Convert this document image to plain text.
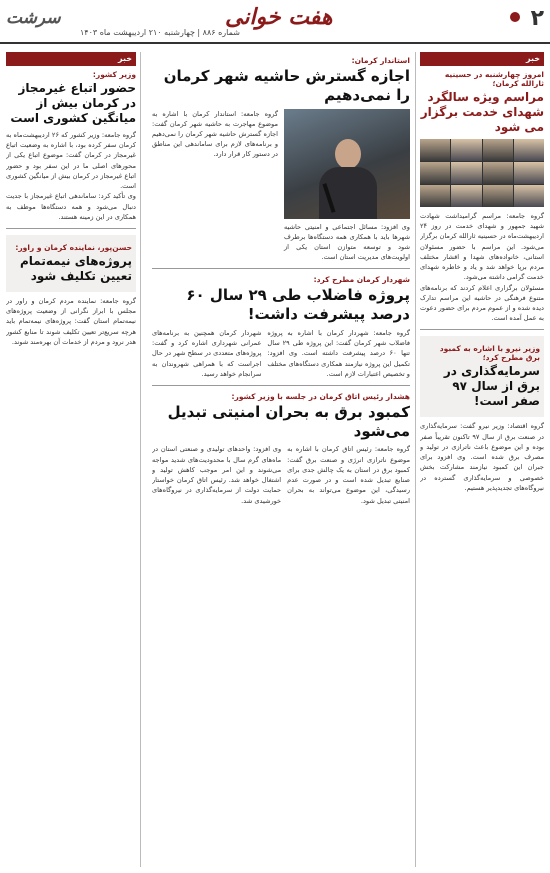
۲
هفت خوانی
سرشت
شماره ۸۸۶ | چهارشنبه ۲۱۰ اردیبهشت ماه ۱۴۰۳
خبر
امروز چهارشنبه در حسینیه ثارالله کرمان؛
مراسم ویژه سالگرد شهدای خدمت برگزار می شود

گروه جامعه: مراسم گرامیداشت شهادت شهید جمهور و شهدای خدمت در روز ۲۴ اردیبهشت‌ماه در حسینیه ثارالله کرمان برگزار می‌شود. این مراسم با حضور مسئولان استانی، خانواده‌های شهدا و اقشار مختلف مردم برپا خواهد شد و یاد و خاطره شهدای خدمت گرامی داشته می‌شود.

مسئولان برگزاری اعلام کردند که برنامه‌های متنوع فرهنگی در حاشیه این مراسم تدارک دیده شده و از عموم مردم برای حضور دعوت به عمل آمده است.

وزیر نیرو با اشاره به کمبود برق مطرح کرد؛
سرمایه‌گذاری در برق از سال ۹۷ صفر است!

گروه اقتصاد: وزیر نیرو گفت: سرمایه‌گذاری در صنعت برق از سال ۹۷ تاکنون تقریباً صفر بوده و این موضوع باعث ناترازی در تولید و مصرف برق شده است. وی افزود برای جبران این کمبود نیازمند مشارکت بخش خصوصی و سرمایه‌گذاری گسترده در نیروگاه‌های تجدیدپذیر هستیم.

استاندار کرمان:
اجازه گسترش حاشیه شهر کرمان را نمی‌دهیم

وی افزود: مسائل اجتماعی و امنیتی حاشیه شهرها باید با همکاری همه دستگاه‌ها برطرف شود و توسعه متوازن استان یکی از اولویت‌های مدیریت استان است.

گروه جامعه: استاندار کرمان با اشاره به موضوع مهاجرت به حاشیه شهر کرمان گفت: اجازه گسترش حاشیه شهر کرمان را نمی‌دهیم و برنامه‌های لازم برای ساماندهی این مناطق در دستور کار قرار دارد.

شهردار کرمان مطرح کرد:
پروژه فاضلاب طی ۲۹ سال ۶۰ درصد پیشرفت داشت!

گروه جامعه: شهردار کرمان با اشاره به پروژه فاضلاب شهر کرمان گفت: این پروژه طی ۲۹ سال تنها ۶۰ درصد پیشرفت داشته است. وی افزود: تکمیل این پروژه نیازمند همکاری دستگاه‌های مختلف و تخصیص اعتبارات لازم است.

شهردار کرمان همچنین به برنامه‌های عمرانی شهرداری اشاره کرد و گفت: پروژه‌های متعددی در سطح شهر در حال اجراست که با همراهی شهروندان به سرانجام خواهد رسید.

هشدار رئیس اتاق کرمان در جلسه با وزیر کشور:
کمبود برق به بحران امنیتی تبدیل می‌شود

گروه جامعه: رئیس اتاق کرمان با اشاره به موضوع ناترازی انرژی و صنعت برق گفت: کمبود برق در استان به یک چالش جدی برای صنایع تبدیل شده است و در صورت عدم رسیدگی، این موضوع می‌تواند به بحران امنیتی تبدیل شود.

وی افزود: واحدهای تولیدی و صنعتی استان در ماه‌های گرم سال با محدودیت‌های شدید مواجه می‌شوند و این امر موجب کاهش تولید و اشتغال خواهد شد. رئیس اتاق کرمان خواستار حمایت دولت از سرمایه‌گذاری در نیروگاه‌های خورشیدی شد.

خبر
وزیر کشور:
حضور اتباع غیرمجاز در کرمان بیش از میانگین کشوری است

گروه جامعه: وزیر کشور که ۲۶ اردیبهشت‌ماه به کرمان سفر کرده بود، با اشاره به وضعیت اتباع غیرمجاز در کرمان گفت: موضوع اتباع یکی از محورهای اصلی ما در این سفر بود و حضور اتباع غیرمجاز در کرمان بیش از میانگین کشوری است.

وی تأکید کرد: ساماندهی اتباع غیرمجاز با جدیت دنبال می‌شود و همه دستگاه‌ها موظف به همکاری در این زمینه هستند.

حسن‌پور، نماینده کرمان و راور:
پروژه‌های نیمه‌تمام تعیین تکلیف شود

گروه جامعه: نماینده مردم کرمان و راور در مجلس با ابراز نگرانی از وضعیت پروژه‌های نیمه‌تمام استان گفت: پروژه‌های نیمه‌تمام باید هرچه سریع‌تر تعیین تکلیف شوند تا منابع کشور هدر نرود و مردم از خدمات آن بهره‌مند شوند.
